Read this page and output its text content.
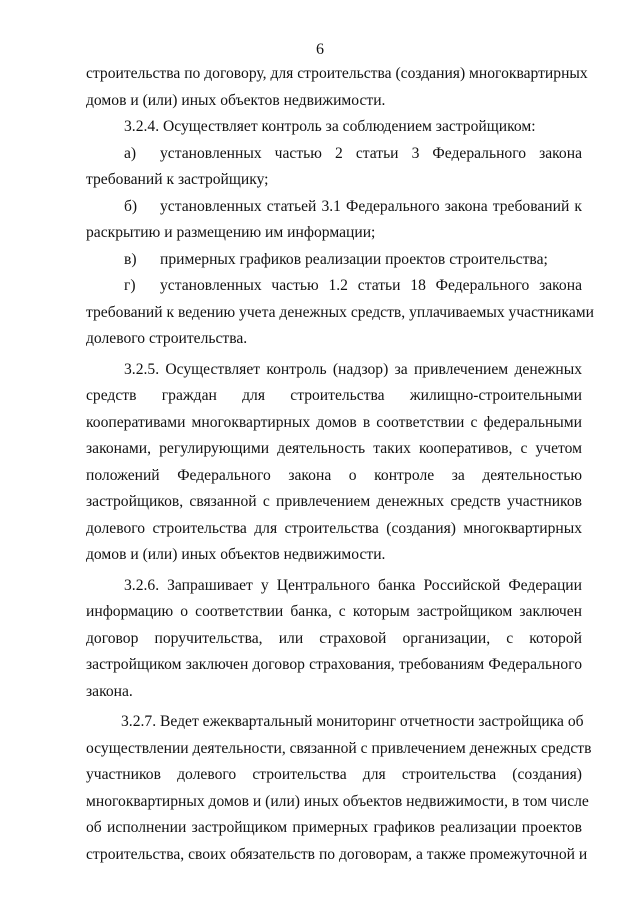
6
строительства по договору, для строительства (создания) многоквартирных
домов и (или) иных объектов недвижимости.
3.2.4. Осуществляет контроль за соблюдением застройщиком:
а)	установленных частью 2 статьи 3 Федерального закона
требований к застройщику;
б)	установленных статьей 3.1 Федерального закона требований к
раскрытию и размещению им информации;
в)	примерных графиков реализации проектов строительства;
г)	установленных частью 1.2 статьи 18 Федерального закона
требований к ведению учета денежных средств, уплачиваемых участниками
долевого строительства.
3.2.5. Осуществляет контроль (надзор) за привлечением денежных
средств граждан для строительства жилищно-строительными
кооперативами многоквартирных домов в соответствии с федеральными
законами, регулирующими деятельность таких кооперативов, с учетом
положений Федерального закона о контроле за деятельностью
застройщиков, связанной с привлечением денежных средств участников
долевого строительства для строительства (создания) многоквартирных
домов и (или) иных объектов недвижимости.
3.2.6. Запрашивает у Центрального банка Российской Федерации
информацию о соответствии банка, с которым застройщиком заключен
договор поручительства, или страховой организации, с которой
застройщиком заключен договор страхования, требованиям Федерального
закона.
3.2.7. Ведет ежеквартальный мониторинг отчетности застройщика об
осуществлении деятельности, связанной с привлечением денежных средств
участников долевого строительства для строительства (создания)
многоквартирных домов и (или) иных объектов недвижимости, в том числе
об исполнении застройщиком примерных графиков реализации проектов
строительства, своих обязательств по договорам, а также промежуточной и
